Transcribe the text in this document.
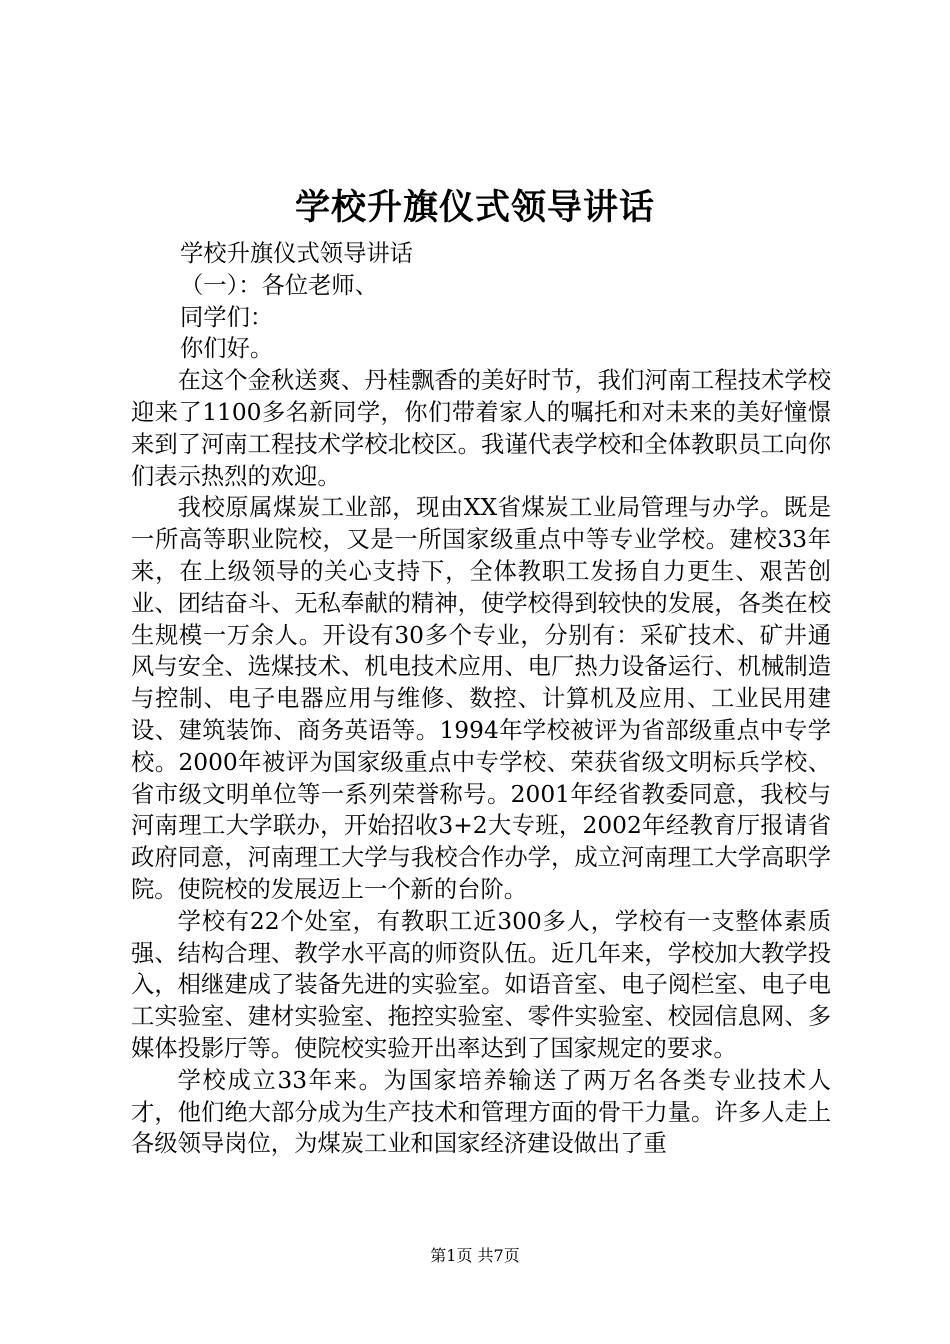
学校升旗仪式领导讲话

学校升旗仪式领导讲话

（一）：各位老师、

同学们：

你们好。

在这个金秋送爽、丹桂飘香的美好时节，我们河南工程技术学校迎来了1100多名新同学，你们带着家人的嘱托和对未来的美好憧憬来到了河南工程技术学校北校区。我谨代表学校和全体教职员工向你们表示热烈的欢迎。

我校原属煤炭工业部，现由XX省煤炭工业局管理与办学。既是一所高等职业院校，又是一所国家级重点中等专业学校。建校33年来，在上级领导的关心支持下，全体教职工发扬自力更生、艰苦创业、团结奋斗、无私奉献的精神，使学校得到较快的发展，各类在校生规模一万余人。开设有30多个专业，分别有：采矿技术、矿井通风与安全、选煤技术、机电技术应用、电厂热力设备运行、机械制造与控制、电子电器应用与维修、数控、计算机及应用、工业民用建设、建筑装饰、商务英语等。1994年学校被评为省部级重点中专学校。2000年被评为国家级重点中专学校、荣获省级文明标兵学校、省市级文明单位等一系列荣誉称号。2001年经省教委同意，我校与河南理工大学联办，开始招收3+2大专班，2002年经教育厅报请省政府同意，河南理工大学与我校合作办学，成立河南理工大学高职学院。使院校的发展迈上一个新的台阶。

学校有22个处室，有教职工近300多人，学校有一支整体素质强、结构合理、教学水平高的师资队伍。近几年来，学校加大教学投入，相继建成了装备先进的实验室。如语音室、电子阅栏室、电子电工实验室、建材实验室、拖控实验室、零件实验室、校园信息网、多媒体投影厅等。使院校实验开出率达到了国家规定的要求。

学校成立33年来。为国家培养输送了两万名各类专业技术人才，他们绝大部分成为生产技术和管理方面的骨干力量。许多人走上各级领导岗位，为煤炭工业和国家经济建设做出了重

第1页 共7页
